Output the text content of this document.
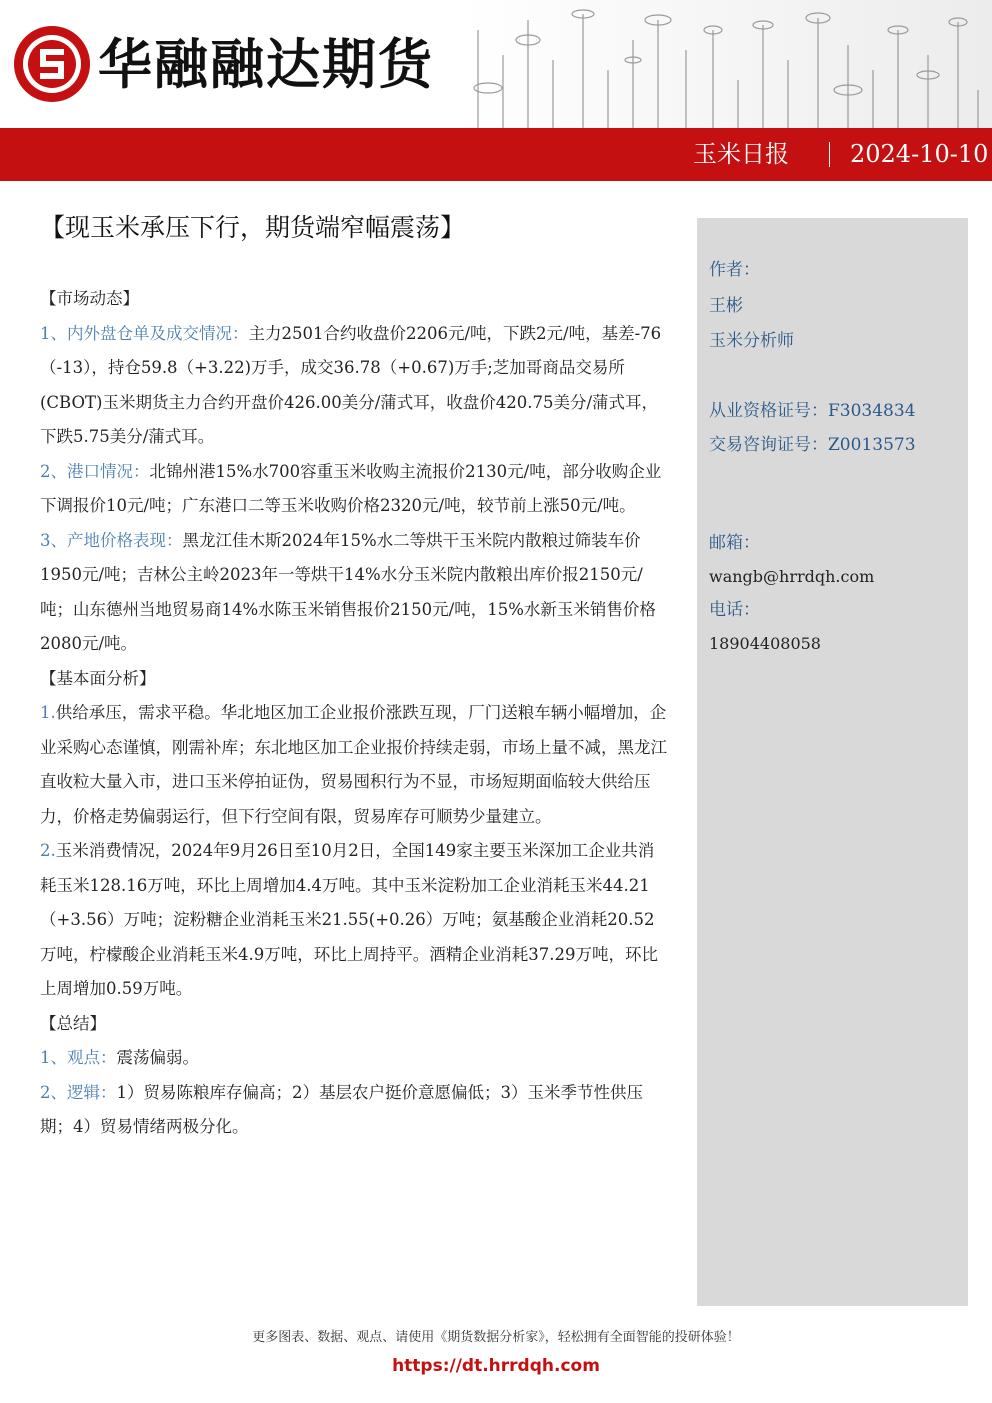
华融融达期货
玉米日报	2024-10-10
【现玉米承压下行，期货端窄幅震荡】

【市场动态】

1、内外盘仓单及成交情况：主力2501合约收盘价2206元/吨，下跌2元/吨，基差-76（-13），持仓59.8（+3.22)万手，成交36.78（+0.67)万手;芝加哥商品交易所(CBOT)玉米期货主力合约开盘价426.00美分/蒲式耳，收盘价420.75美分/蒲式耳，下跌5.75美分/蒲式耳。

2、港口情况：北锦州港15%水700容重玉米收购主流报价2130元/吨，部分收购企业下调报价10元/吨；广东港口二等玉米收购价格2320元/吨，较节前上涨50元/吨。

3、产地价格表现：黑龙江佳木斯2024年15%水二等烘干玉米院内散粮过筛装车价1950元/吨；吉林公主岭2023年一等烘干14%水分玉米院内散粮出库价报2150元/吨；山东德州当地贸易商14%水陈玉米销售报价2150元/吨，15%水新玉米销售价格2080元/吨。

【基本面分析】

1.供给承压，需求平稳。华北地区加工企业报价涨跌互现，厂门送粮车辆小幅增加，企业采购心态谨慎，刚需补库；东北地区加工企业报价持续走弱，市场上量不减，黑龙江直收粒大量入市，进口玉米停拍证伪，贸易囤积行为不显，市场短期面临较大供给压力，价格走势偏弱运行，但下行空间有限，贸易库存可顺势少量建立。

2.玉米消费情况，2024年9月26日至10月2日，全国149家主要玉米深加工企业共消耗玉米128.16万吨，环比上周增加4.4万吨。其中玉米淀粉加工企业消耗玉米44.21（+3.56）万吨；淀粉糖企业消耗玉米21.55(+0.26）万吨；氨基酸企业消耗20.52万吨，柠檬酸企业消耗玉米4.9万吨，环比上周持平。酒精企业消耗37.29万吨，环比上周增加0.59万吨。

【总结】

1、观点：震荡偏弱。

2、逻辑：1）贸易陈粮库存偏高；2）基层农户挺价意愿偏低；3）玉米季节性供压期；4）贸易情绪两极分化。

作者：
王彬
玉米分析师
从业资格证号：F3034834
交易咨询证号：Z0013573
邮箱：
wangb@hrrdqh.com
电话：
18904408058
更多图表、数据、观点、请使用《期货数据分析家》，轻松拥有全面智能的投研体验！
https://dt.hrrdqh.com
